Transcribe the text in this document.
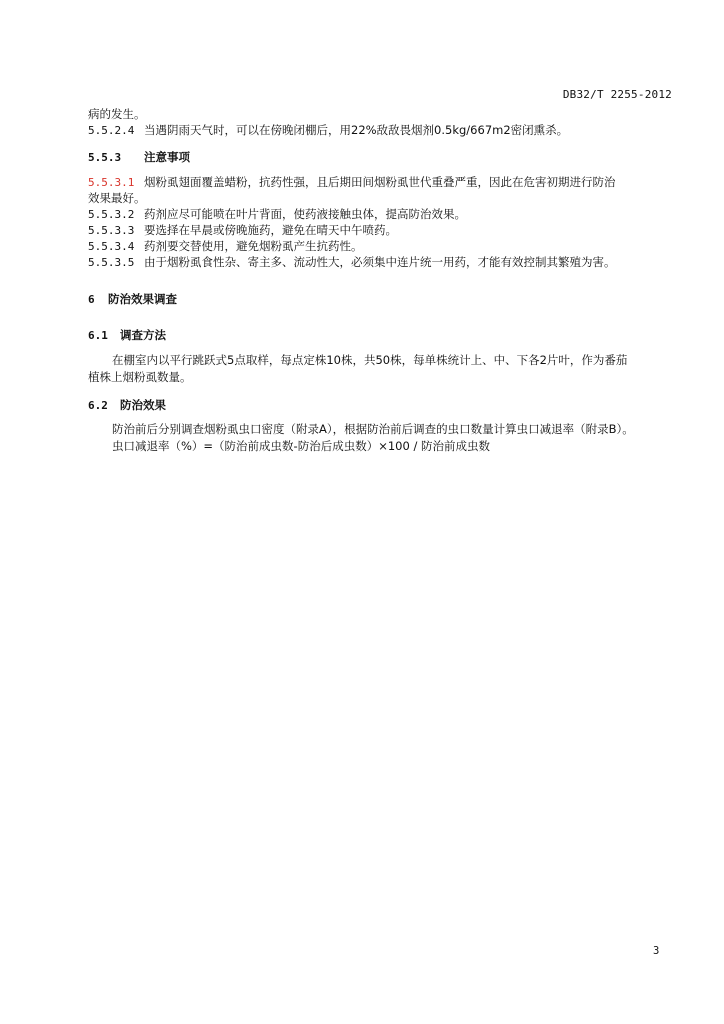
DB32/T 2255-2012
病的发生。
5.5.2.4 当遇阴雨天气时，可以在傍晚闭棚后，用22%敌敌畏烟剂0.5kg/667m2密闭熏杀。
5.5.3 注意事项
5.5.3.1 烟粉虱翅面覆盖蜡粉，抗药性强，且后期田间烟粉虱世代重叠严重，因此在危害初期进行防治
效果最好。
5.5.3.2 药剂应尽可能喷在叶片背面，使药液接触虫体，提高防治效果。
5.5.3.3 要选择在早晨或傍晚施药，避免在晴天中午喷药。
5.5.3.4 药剂要交替使用，避免烟粉虱产生抗药性。
5.5.3.5 由于烟粉虱食性杂、寄主多、流动性大，必须集中连片统一用药，才能有效控制其繁殖为害。
6 防治效果调查
6.1 调查方法
在棚室内以平行跳跃式5点取样，每点定株10株，共50株，每单株统计上、中、下各2片叶，作为番茄
植株上烟粉虱数量。
6.2 防治效果
防治前后分别调查烟粉虱虫口密度（附录A），根据防治前后调查的虫口数量计算虫口减退率（附录B）。
虫口减退率（%）=（防治前成虫数-防治后成虫数）×100 / 防治前成虫数
3
